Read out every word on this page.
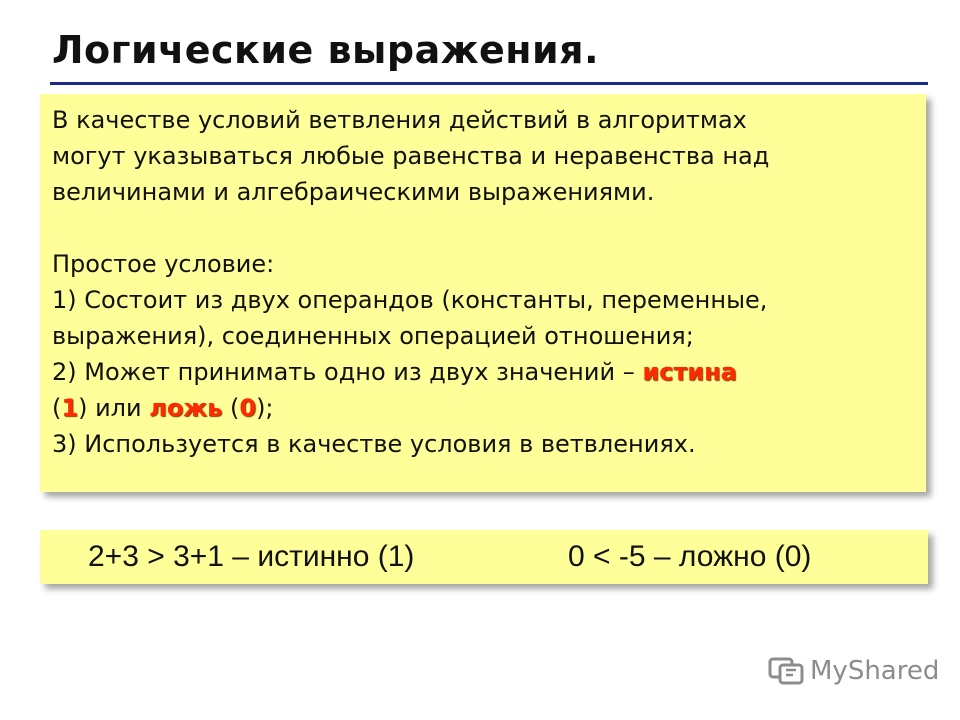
Логические выражения.

В качестве условий ветвления действий в алгоритмах

могут указываться любые равенства и неравенства над

величинами и алгебраическими выражениями.

Простое условие:

1) Состоит из двух операндов (константы, переменные,

выражения), соединенных операцией отношения;

2) Может принимать одно из двух значений – истина

(1) или ложь (0);

3) Используется в качестве условия в ветвлениях.

2+3 > 3+1 – истинно (1)	0 < -5 – ложно (0)
MyShared
